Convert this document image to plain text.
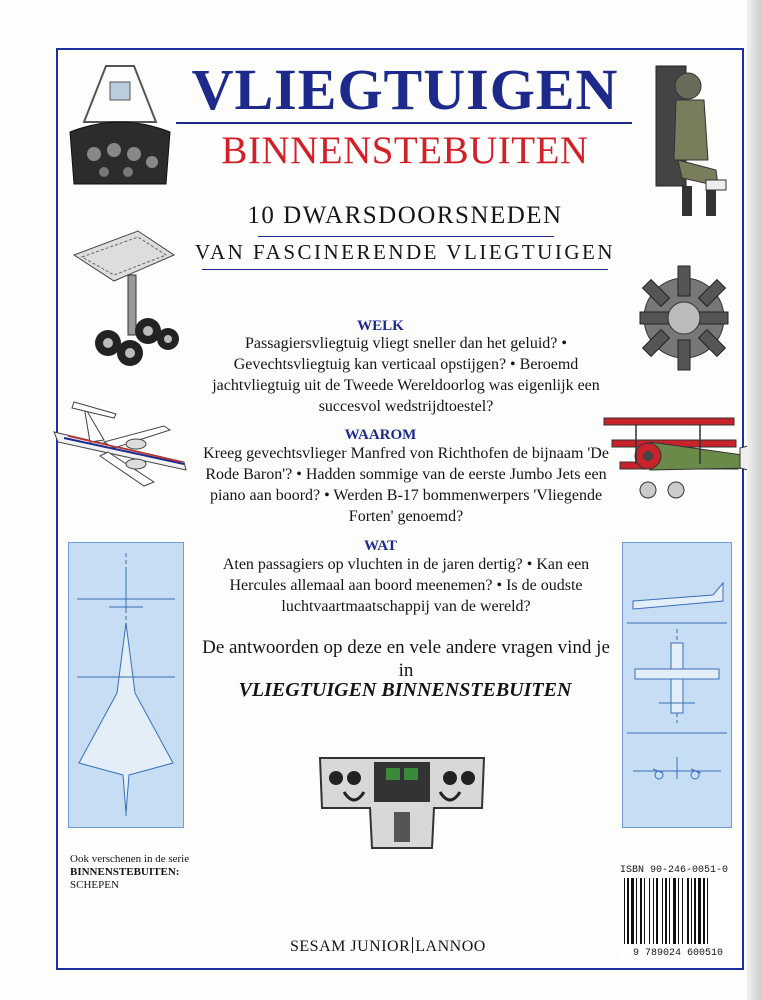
VLIEGTUIGEN
BINNENSTEBUITEN
10 DWARSDOORSNEDEN
VAN FASCINERENDE VLIEGTUIGEN
WELK
Passagiersvliegtuig vliegt sneller dan het geluid? • Gevechtsvliegtuig kan verticaal opstijgen? • Beroemd jachtvliegtuig uit de Tweede Wereldoorlog was eigenlijk een succesvol wedstrijdtoestel?
WAAROM
Kreeg gevechtsvlieger Manfred von Richthofen de bijnaam 'De Rode Baron'? • Hadden sommige van de eerste Jumbo Jets een piano aan boord? • Werden B-17 bommenwerpers 'Vliegende Forten' genoemd?
WAT
Aten passagiers op vluchten in de jaren dertig? • Kan een Hercules allemaal aan boord meenemen? • Is de oudste luchtvaartmaatschappij van de wereld?
De antwoorden op deze en vele andere vragen vind je in
VLIEGTUIGEN BINNENSTEBUITEN
Ook verschenen in de serie
BINNENSTEBUITEN:
SCHEPEN
SESAM JUNIOR LANNOO
ISBN 90-246-0051-0
9 789024 600510
